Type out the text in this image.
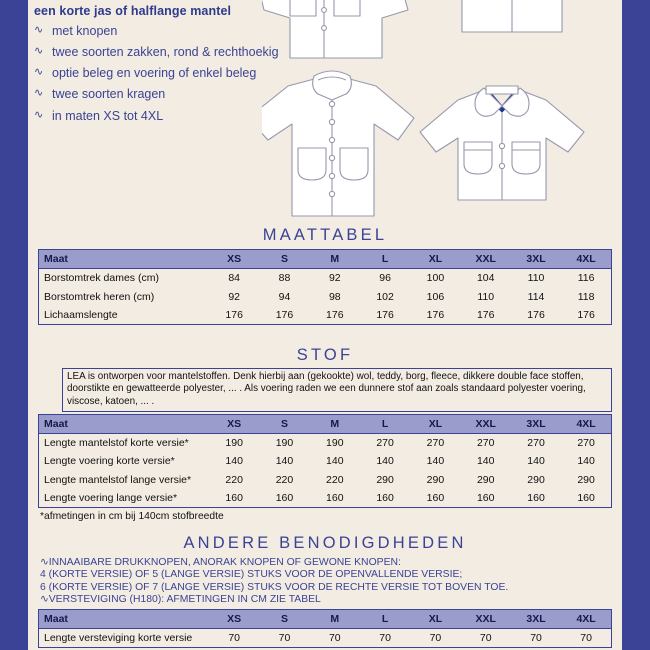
een korte jas of halflange mantel
∿ met knopen
∿ twee soorten zakken, rond & rechthoekig
∿ optie beleg en voering of enkel beleg
∿ twee soorten kragen
∿ in maten XS tot 4XL
MAATTABEL
Maat	XS	S	M	L	XL	XXL	3XL	4XL
Borstomtrek dames (cm)	84	88	92	96	100	104	110	116
Borstomtrek heren (cm)	92	94	98	102	106	110	114	118
Lichaamslengte	176	176	176	176	176	176	176	176
STOF
LEA is ontworpen voor mantelstoffen. Denk hierbij aan (gekookte) wol, teddy, borg, fleece, dikkere double face stoffen, doorstikte en gewatteerde polyester, ... . Als voering raden we een dunnere stof aan zoals standaard polyester voering, viscose, katoen, ... .
Maat	XS	S	M	L	XL	XXL	3XL	4XL
Lengte mantelstof korte versie*	190	190	190	270	270	270	270	270
Lengte voering korte versie*	140	140	140	140	140	140	140	140
Lengte mantelstof lange versie*	220	220	220	290	290	290	290	290
Lengte voering lange versie*	160	160	160	160	160	160	160	160
*afmetingen in cm bij 140cm stofbreedte
ANDERE BENODIGDHEDEN
∿INNAAIBARE DRUKKNOPEN, ANORAK KNOPEN OF GEWONE KNOPEN:
4 (KORTE VERSIE) OF 5 (LANGE VERSIE) STUKS VOOR DE OPENVALLENDE VERSIE;
6 (KORTE VERSIE) OF 7 (LANGE VERSIE) STUKS VOOR DE RECHTE VERSIE TOT BOVEN TOE.
∿VERSTEVIGING (H180): AFMETINGEN IN CM ZIE TABEL
Maat	XS	S	M	L	XL	XXL	3XL	4XL
Lengte versteviging korte versie	70	70	70	70	70	70	70	70
